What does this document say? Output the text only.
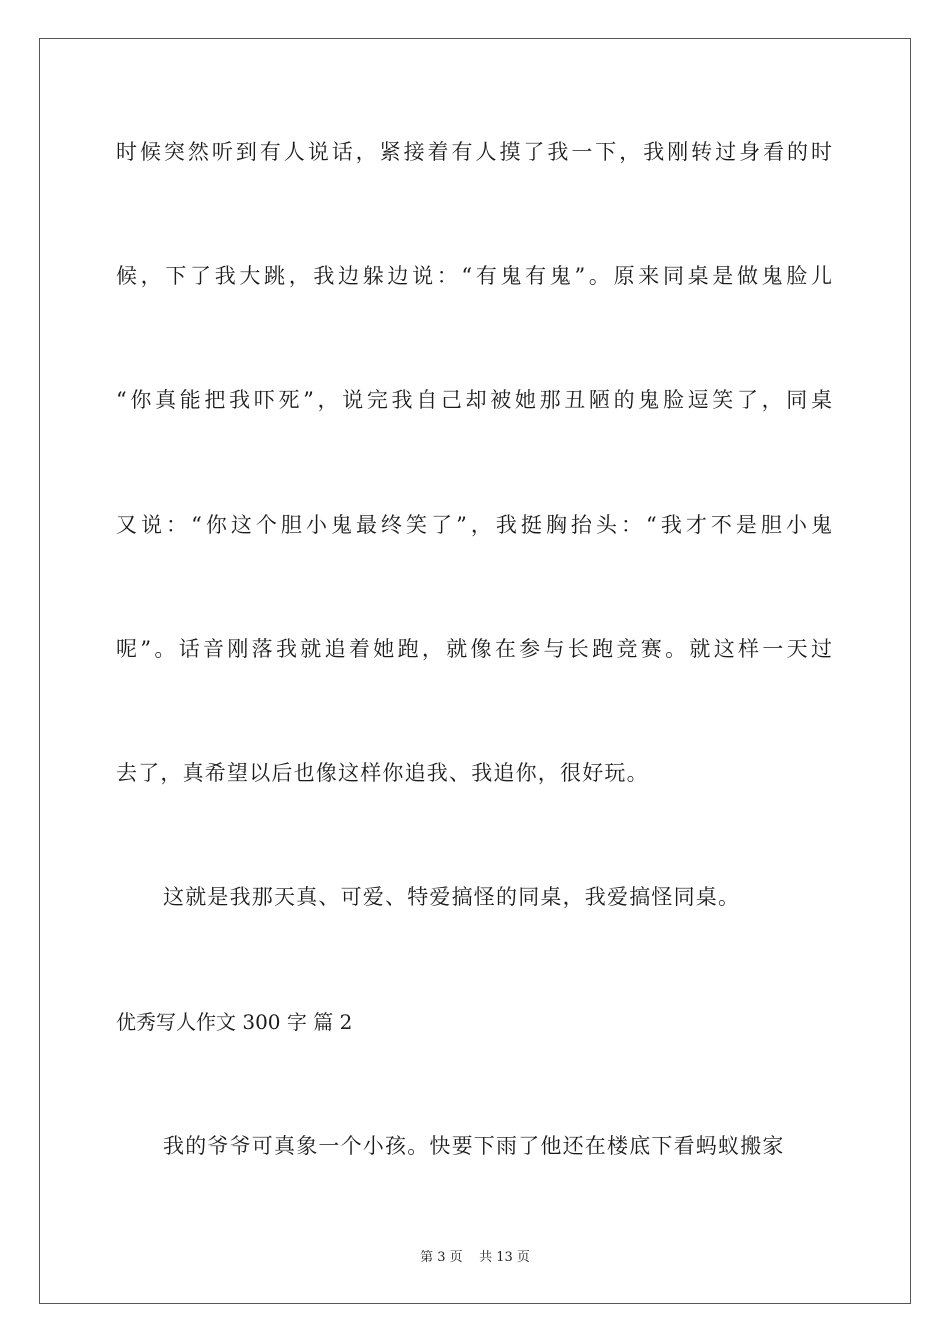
时候突然听到有人说话，紧接着有人摸了我一下，我刚转过身看的时
候，下了我大跳，我边躲边说：“有鬼有鬼”。原来同桌是做鬼脸儿
“你真能把我吓死”，说完我自己却被她那丑陋的鬼脸逗笑了，同桌
又说：“你这个胆小鬼最终笑了”，我挺胸抬头：“我才不是胆小鬼
呢”。话音刚落我就追着她跑，就像在参与长跑竞赛。就这样一天过
去了，真希望以后也像这样你追我、我追你，很好玩。
这就是我那天真、可爱、特爱搞怪的同桌，我爱搞怪同桌。
优秀写人作文 300 字 篇 2
我的爷爷可真象一个小孩。快要下雨了他还在楼底下看蚂蚁搬家
第 3 页    共 13 页
